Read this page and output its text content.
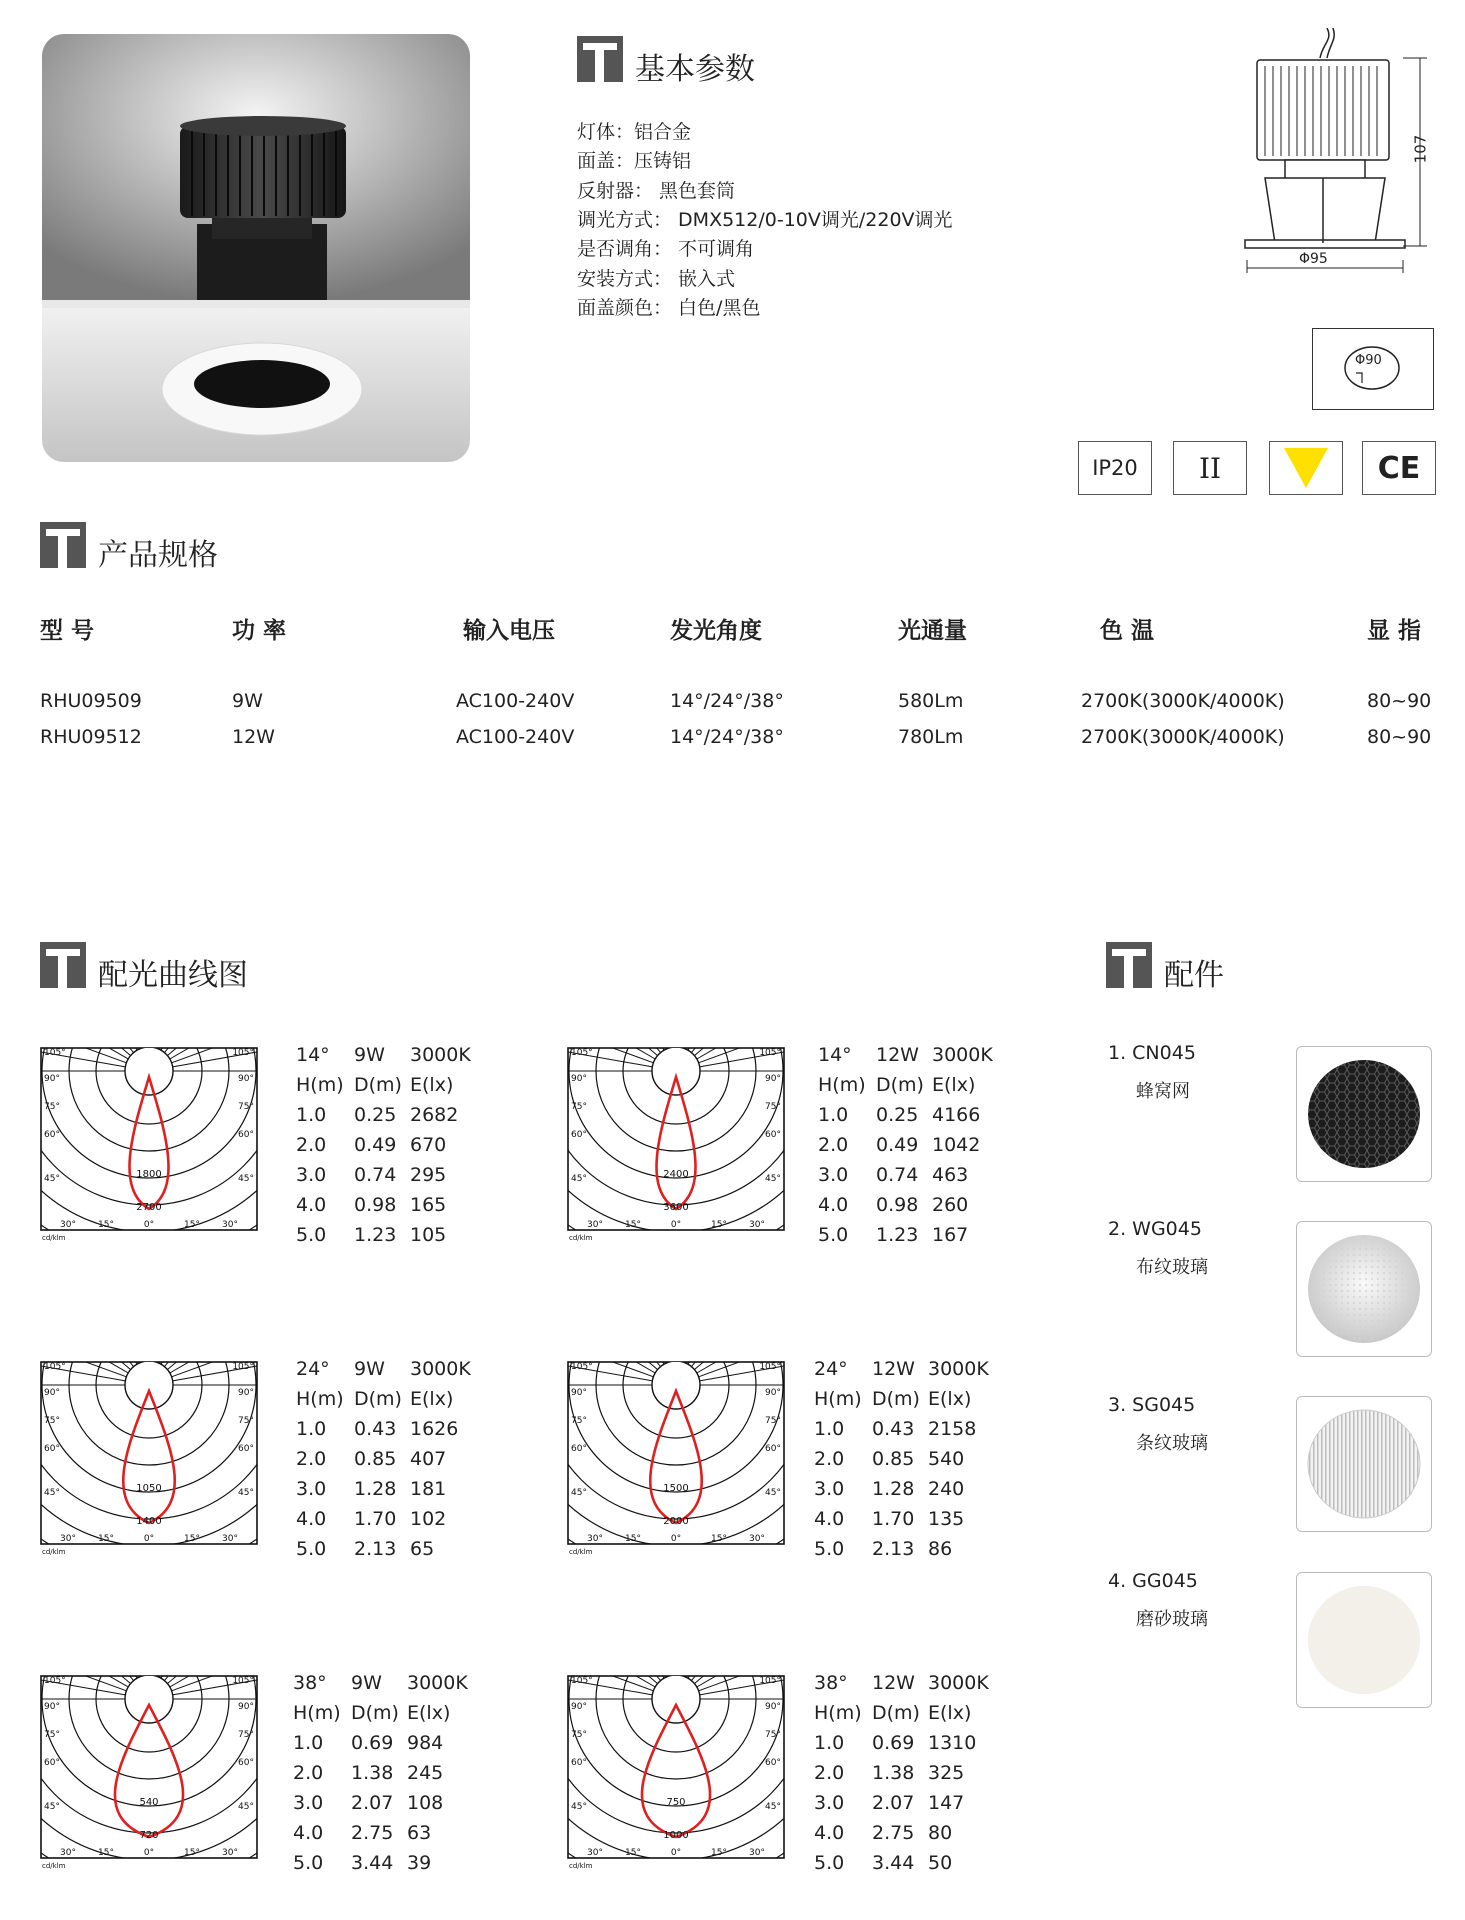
基本参数
灯体：铝合金
面盖：压铸铝
反射器： 黑色套筒
调光方式： DMX512/0-10V调光/220V调光
是否调角： 不可调角
安装方式： 嵌入式
面盖颜色： 白色/黑色
107
Φ95
Φ90
IP20	II	CE
产品规格
型 号	功 率	输入电压	发光角度	光通量	色 温	显 指
RHU09509	9W	AC100-240V	14°/24°/38°	580Lm	2700K(3000K/4000K)	80~90
RHU09512	12W	AC100-240V	14°/24°/38°	780Lm	2700K(3000K/4000K)	80~90
配光曲线图	配件
1800
2700
105°	105°
90°	90°
75°	75°
60°	60°
45°	45°
30° 15°	0°	15° 30°
cd/klm
2400
3600
105°	105°
90°	90°
75°	75°
60°	60°
45°	45°
30° 15°	0°	15° 30°
cd/klm
1050
1400
105°	105°
90°	90°
75°	75°
60°	60°
45°	45°
30° 15°	0°	15° 30°
cd/klm
1500
2000
105°	105°
90°	90°
75°	75°
60°	60°
45°	45°
30° 15°	0°	15° 30°
cd/klm
540
720
105°	105°
90°	90°
75°	75°
60°	60°
45°	45°
30° 15°	0°	15° 30°
cd/klm
750
1000
105°	105°
90°	90°
75°	75°
60°	60°
45°	45°
30° 15°	0°	15° 30°
cd/klm
14° 9W 3000K
H(m) D(m) E(lx)
1.0 0.25 2682
2.0 0.49 670
3.0 0.74 295
4.0 0.98 165
5.0 1.23 105
14° 12W 3000K
H(m) D(m) E(lx)
1.0 0.25 4166
2.0 0.49 1042
3.0 0.74 463
4.0 0.98 260
5.0 1.23 167
24° 9W 3000K
H(m) D(m) E(lx)
1.0 0.43 1626
2.0 0.85 407
3.0 1.28 181
4.0 1.70 102
5.0 2.13 65
24° 12W 3000K
H(m) D(m) E(lx)
1.0 0.43 2158
2.0 0.85 540
3.0 1.28 240
4.0 1.70 135
5.0 2.13 86
38° 9W 3000K
H(m) D(m) E(lx)
1.0 0.69 984
2.0 1.38 245
3.0 2.07 108
4.0 2.75 63
5.0 3.44 39
38° 12W 3000K
H(m) D(m) E(lx)
1.0 0.69 1310
2.0 1.38 325
3.0 2.07 147
4.0 2.75 80
5.0 3.44 50
1. CN045
蜂窝网
2. WG045
布纹玻璃
3. SG045
条纹玻璃
4. GG045
磨砂玻璃
